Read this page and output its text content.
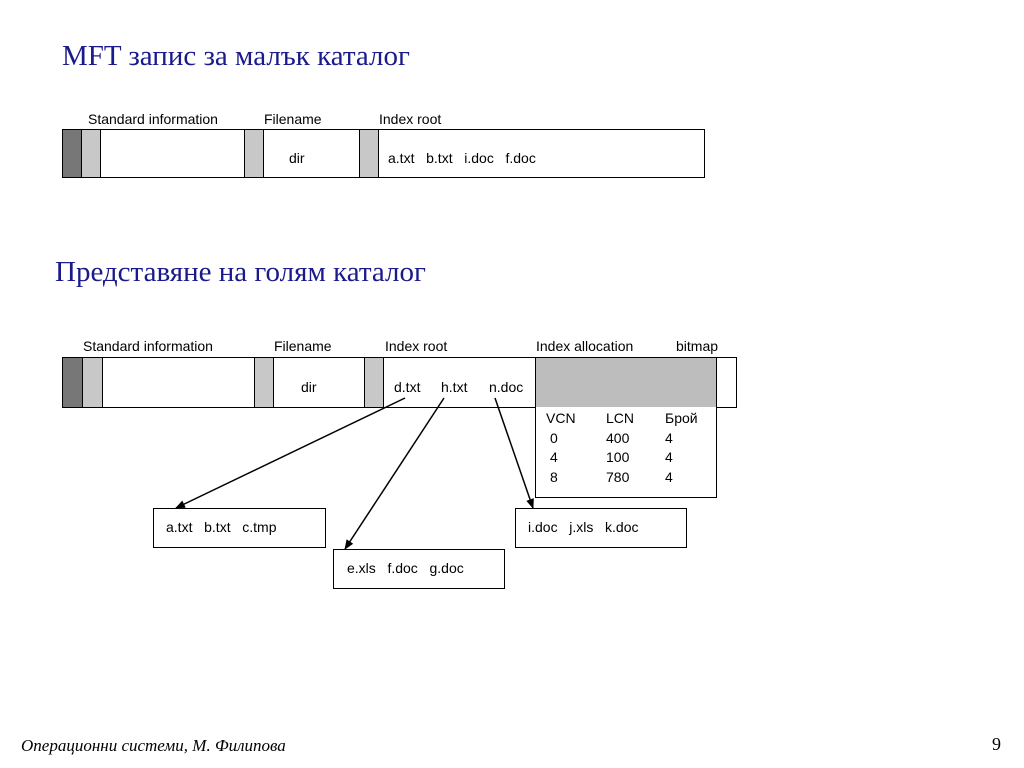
MFT запис за малък каталог
Standard information	Filename	Index root
dir	a.txt   b.txt   i.doc   f.doc
Представяне на голям каталог
Standard information	Filename	Index root	Index allocation	bitmap
dir	d.txt h.txt n.doc
VCN	LCN	Брой
0	400	4
4	100	4
8	780	4
a.txt   b.txt   c.tmp	i.doc   j.xls   k.doc
e.xls   f.doc   g.doc
Операционни системи, М. Филипова	9
